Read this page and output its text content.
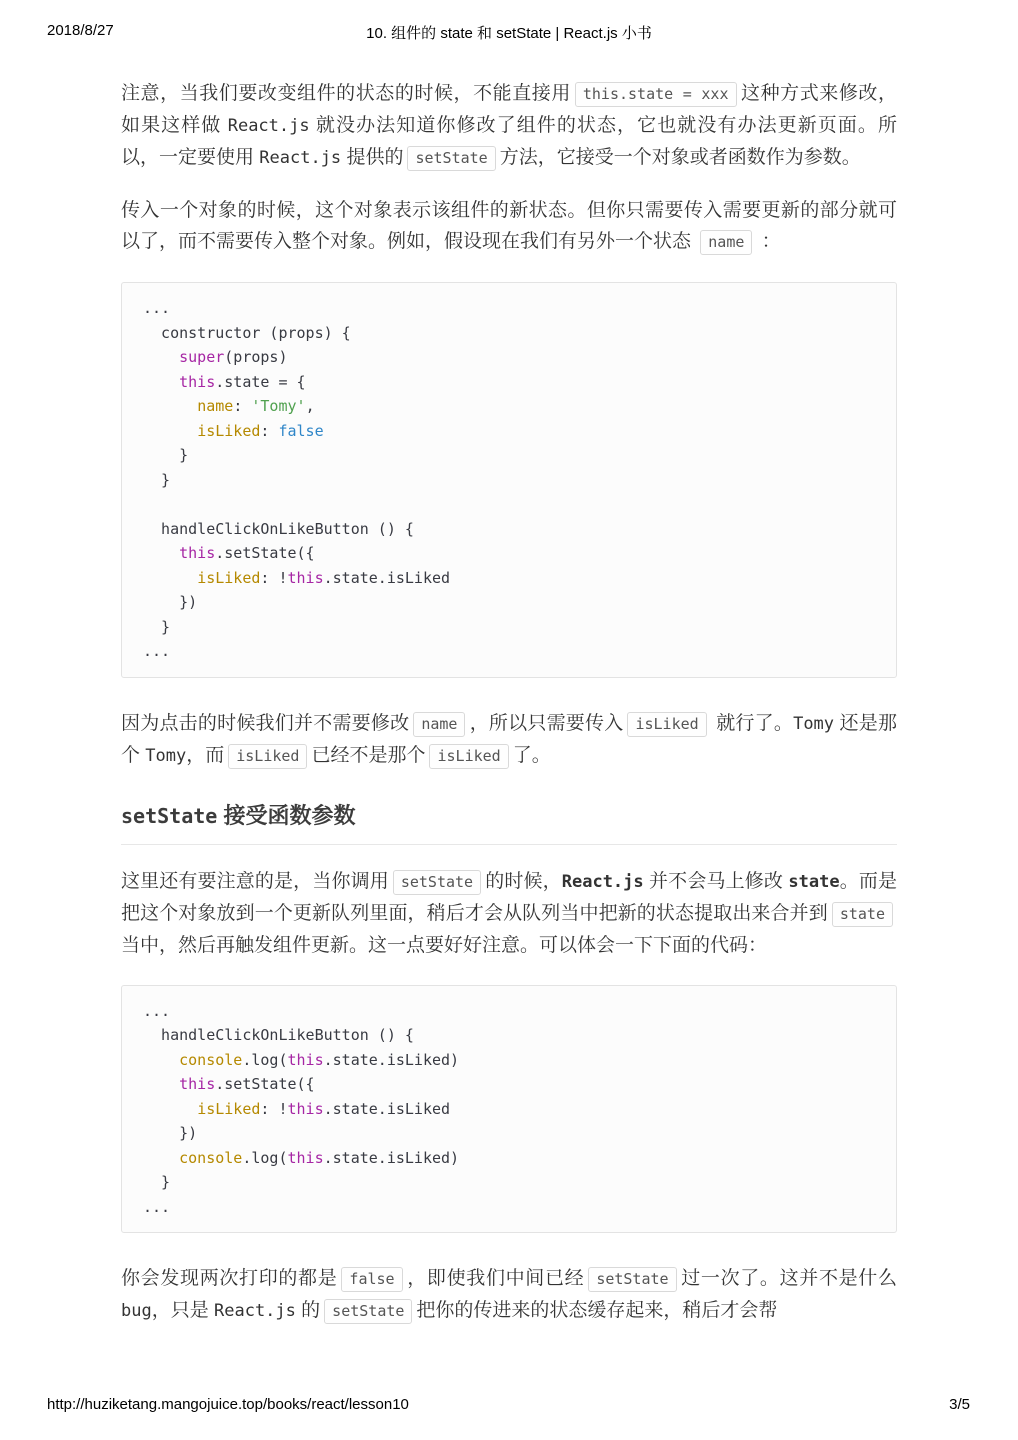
2018/8/27	10. 组件的 state 和 setState | React.js 小书

注意，当我们要改变组件的状态的时候，不能直接用 this.state = xxx 这种方式来修改，如果这样做 React.js 就没办法知道你修改了组件的状态，它也就没有办法更新页面。所以，一定要使用 React.js 提供的 setState 方法，它接受一个对象或者函数作为参数。

传入一个对象的时候，这个对象表示该组件的新状态。但你只需要传入需要更新的部分就可以了，而不需要传入整个对象。例如，假设现在我们有另外一个状态 name ：

...
constructor (props) {
super(props)
this.state = {
name: 'Tomy',
isLiked: false
}
}

handleClickOnLikeButton () {
this.setState({
isLiked: !this.state.isLiked
})
}
...

因为点击的时候我们并不需要修改 name ，所以只需要传入 isLiked 就行了。Tomy 还是那个 Tomy，而 isLiked 已经不是那个 isLiked 了。

setState 接受函数参数

这里还有要注意的是，当你调用 setState 的时候，React.js 并不会马上修改 state。而是把这个对象放到一个更新队列里面，稍后才会从队列当中把新的状态提取出来合并到 state 当中，然后再触发组件更新。这一点要好好注意。可以体会一下下面的代码：

...
handleClickOnLikeButton () {
console.log(this.state.isLiked)
this.setState({
isLiked: !this.state.isLiked
})
console.log(this.state.isLiked)
}
...

你会发现两次打印的都是 false ，即使我们中间已经 setState 过一次了。这并不是什么 bug，只是 React.js 的 setState 把你的传进来的状态缓存起来，稍后才会帮

http://huziketang.mangojuice.top/books/react/lesson10	3/5
